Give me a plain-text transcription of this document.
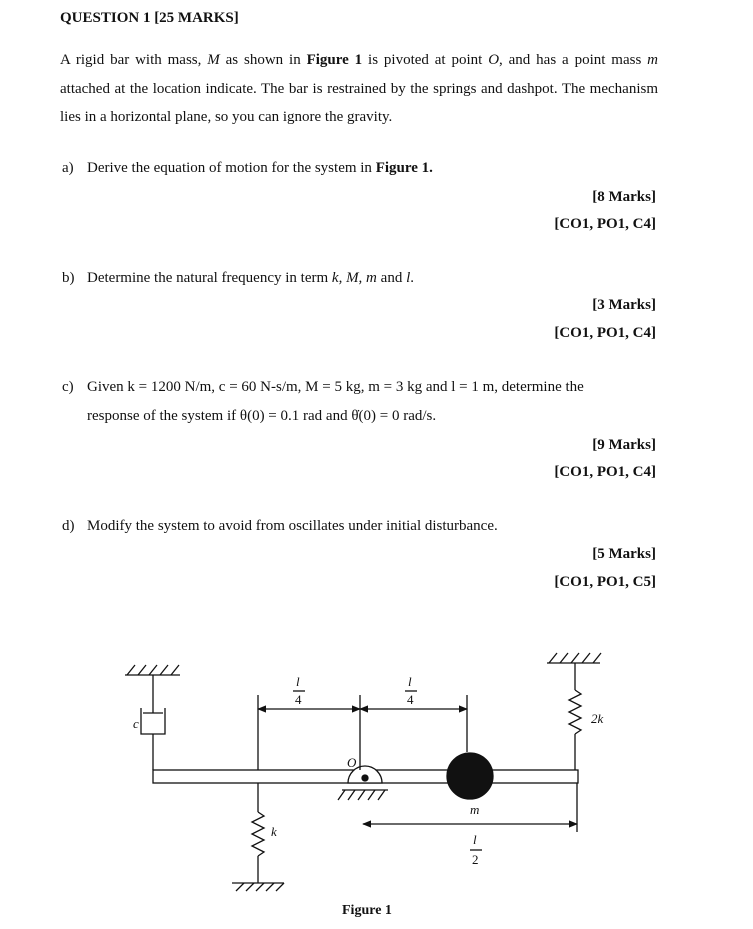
QUESTION 1 [25 MARKS]
A rigid bar with mass, M as shown in Figure 1 is pivoted at point O, and has a point mass m attached at the location indicate. The bar is restrained by the springs and dashpot. The mechanism lies in a horizontal plane, so you can ignore the gravity.
a) Derive the equation of motion for the system in Figure 1.
[8 Marks]
[CO1, PO1, C4]
b) Determine the natural frequency in term k, M, m and l.
[3 Marks]
[CO1, PO1, C4]
c) Given k = 1200 N/m, c = 60 N-s/m, M = 5 kg, m = 3 kg and l = 1 m, determine the
response of the system if θ(0) = 0.1 rad and θ̇(0) = 0 rad/s.
[9 Marks]
[CO1, PO1, C4]
d) Modify the system to avoid from oscillates under initial disturbance.
[5 Marks]
[CO1, PO1, C5]
c
k
2k
O
m
l	l
l
4	4
2
Figure 1
